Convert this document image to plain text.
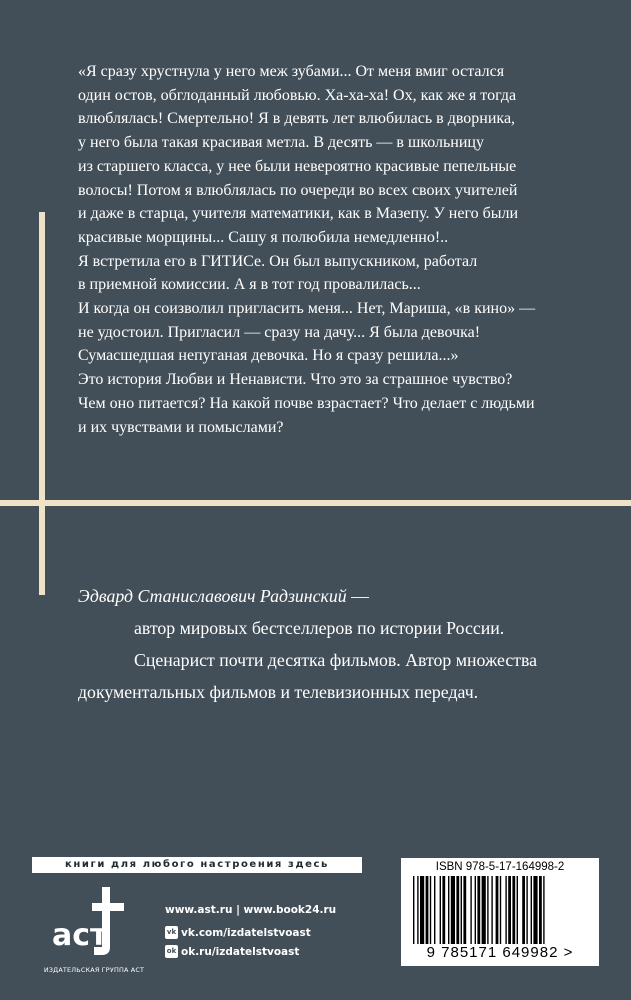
«Я сразу хрустнула у него меж зубами... От меня вмиг остался
один остов, обглоданный любовью. Ха-ха-ха! Ох, как же я тогда
влюблялась! Смертельно! Я в девять лет влюбилась в дворника,
у него была такая красивая метла. В десять — в школьницу
из старшего класса, у нее были невероятно красивые пепельные
волосы! Потом я влюблялась по очереди во всех своих учителей
и даже в старца, учителя математики, как в Мазепу. У него были
красивые морщины... Сашу я полюбила немедленно!..
Я встретила его в ГИТИСе. Он был выпускником, работал
в приемной комиссии. А я в тот год провалилась...
И когда он соизволил пригласить меня... Нет, Мариша, «в кино» —
не удостоил. Пригласил — сразу на дачу... Я была девочка!
Сумасшедшая непуганая девочка. Но я сразу решила...»
Это история Любви и Ненависти. Что это за страшное чувство?
Чем оно питается? На какой почве взрастает? Что делает с людьми
и их чувствами и помыслами?
Эдвард Станиславович Радзинский —
автор мировых бестселлеров по истории России.
Сценарист почти десятка фильмов. Автор множества
документальных фильмов и телевизионных передач.
книги для любого настроения здесь
аст
ИЗДАТЕЛЬСКАЯ ГРУППА АСТ
www.ast.ru | www.book24.ru
vk vk.com/izdatelstvoast
ok ok.ru/izdatelstvoast
ISBN 978-5-17-164998-2
9 785171 649982 >
